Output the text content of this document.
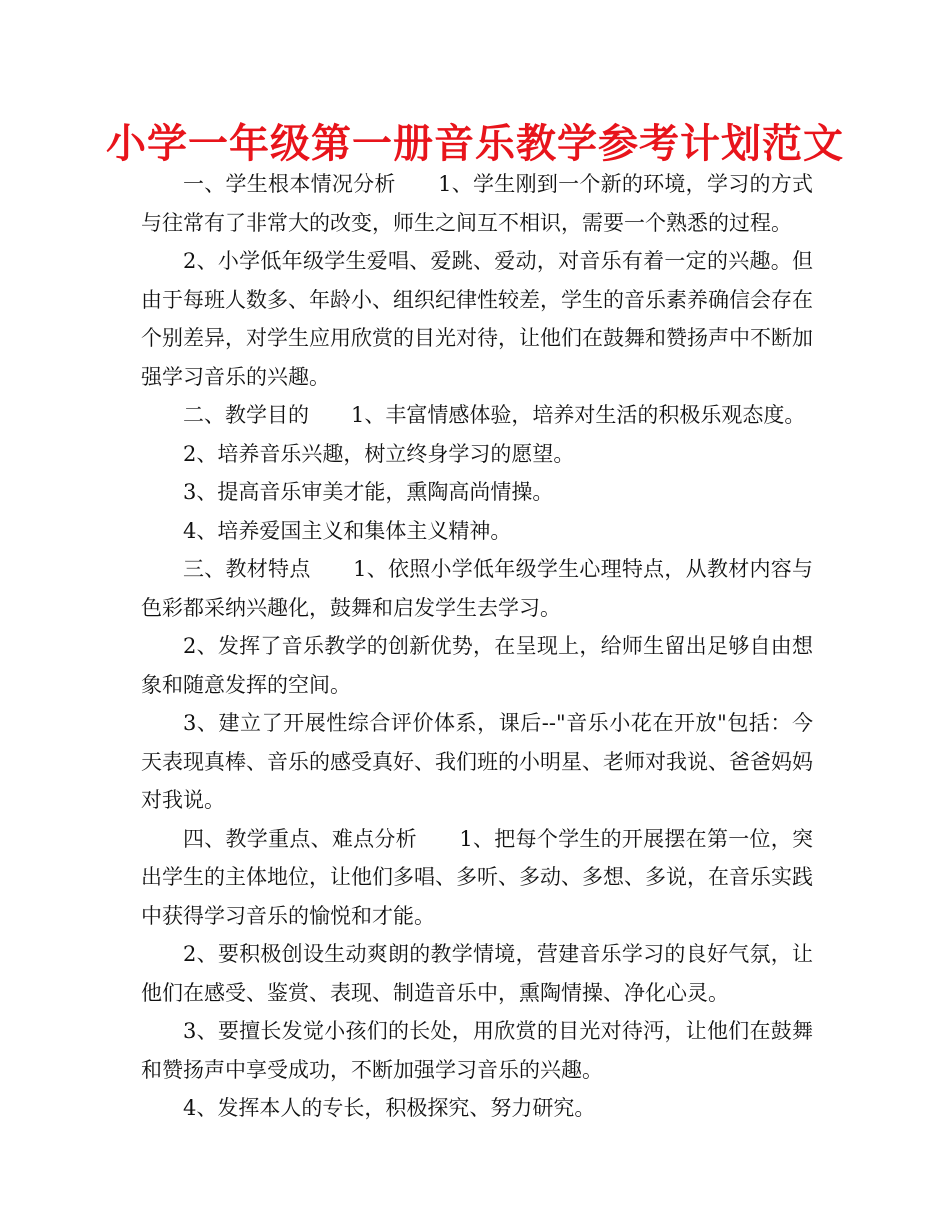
小学一年级第一册音乐教学参考计划范文

一、学生根本情况分析　　1、学生刚到一个新的环境，学习的方式与往常有了非常大的改变，师生之间互不相识，需要一个熟悉的过程。

2、小学低年级学生爱唱、爱跳、爱动，对音乐有着一定的兴趣。但由于每班人数多、年龄小、组织纪律性较差，学生的音乐素养确信会存在个别差异，对学生应用欣赏的目光对待，让他们在鼓舞和赞扬声中不断加强学习音乐的兴趣。

二、教学目的　　1、丰富情感体验，培养对生活的积极乐观态度。

2、培养音乐兴趣，树立终身学习的愿望。

3、提高音乐审美才能，熏陶高尚情操。

4、培养爱国主义和集体主义精神。

三、教材特点　　1、依照小学低年级学生心理特点，从教材内容与色彩都采纳兴趣化，鼓舞和启发学生去学习。

2、发挥了音乐教学的创新优势，在呈现上，给师生留出足够自由想象和随意发挥的空间。

3、建立了开展性综合评价体系，课后--"音乐小花在开放"包括：今天表现真棒、音乐的感受真好、我们班的小明星、老师对我说、爸爸妈妈对我说。

四、教学重点、难点分析　　1、把每个学生的开展摆在第一位，突出学生的主体地位，让他们多唱、多听、多动、多想、多说，在音乐实践中获得学习音乐的愉悦和才能。

2、要积极创设生动爽朗的教学情境，营建音乐学习的良好气氛，让他们在感受、鉴赏、表现、制造音乐中，熏陶情操、净化心灵。

3、要擅长发觉小孩们的长处，用欣赏的目光对待沔，让他们在鼓舞和赞扬声中享受成功，不断加强学习音乐的兴趣。

4、发挥本人的专长，积极探究、努力研究。
